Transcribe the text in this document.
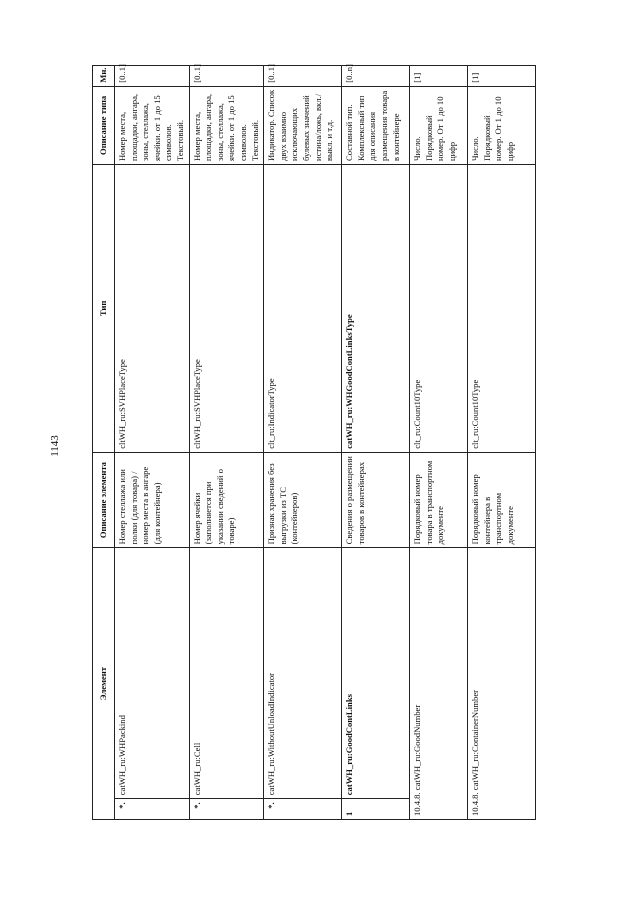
1143
Элемент		Описание элемента	Тип	Описание типа	Мн.
*.	catWH_ru:WHPackind	Номер стеллажа или полки (для товара) / номер места в ангаре (для контейнера)	cltWH_ru:SVHPlaceType	Номер места, площадки, ангара, зоны, стеллажа, ячейки. от 1 до 15 символов. Текстовый.	[0..1]
*.	catWH_ru:Cell	Номер ячейки (заполняется при указании сведений о товаре)	cltWH_ru:SVHPlaceType	Номер места, площадки, ангара, зоны, стеллажа, ячейки. от 1 до 15 символов. Текстовый.	[0..1]
*.	catWH_ru:WithoutUnloadIndicator	Признак хранения без выгрузки из ТС (контейнеров)	clt_ru:IndicatorType	Индикатор. Список двух взаимно исключающих булевых значений истина/ложь, вкл./выкл. и т.д.	[0..1]
1	catWH_ru:GoodContLinks	Сведения о размещении товаров в контейнерах	catWH_ru:WHGoodContLinksType	Составной тип. Комплексный тип для описания размещения товара в контейнере	[0..n]
10.4.8. catWH_ru:GoodNumber		Порядковый номер товара в транспортном документе	clt_ru:Count10Type	Число. Порядковый номер. От 1 до 10 цифр	[1]
10.4.8. catWH_ru:ContainerNumber		Порядковый номер контейнера в транспортном документе	clt_ru:Count10Type	Число. Порядковый номер. От 1 до 10 цифр	[1]
